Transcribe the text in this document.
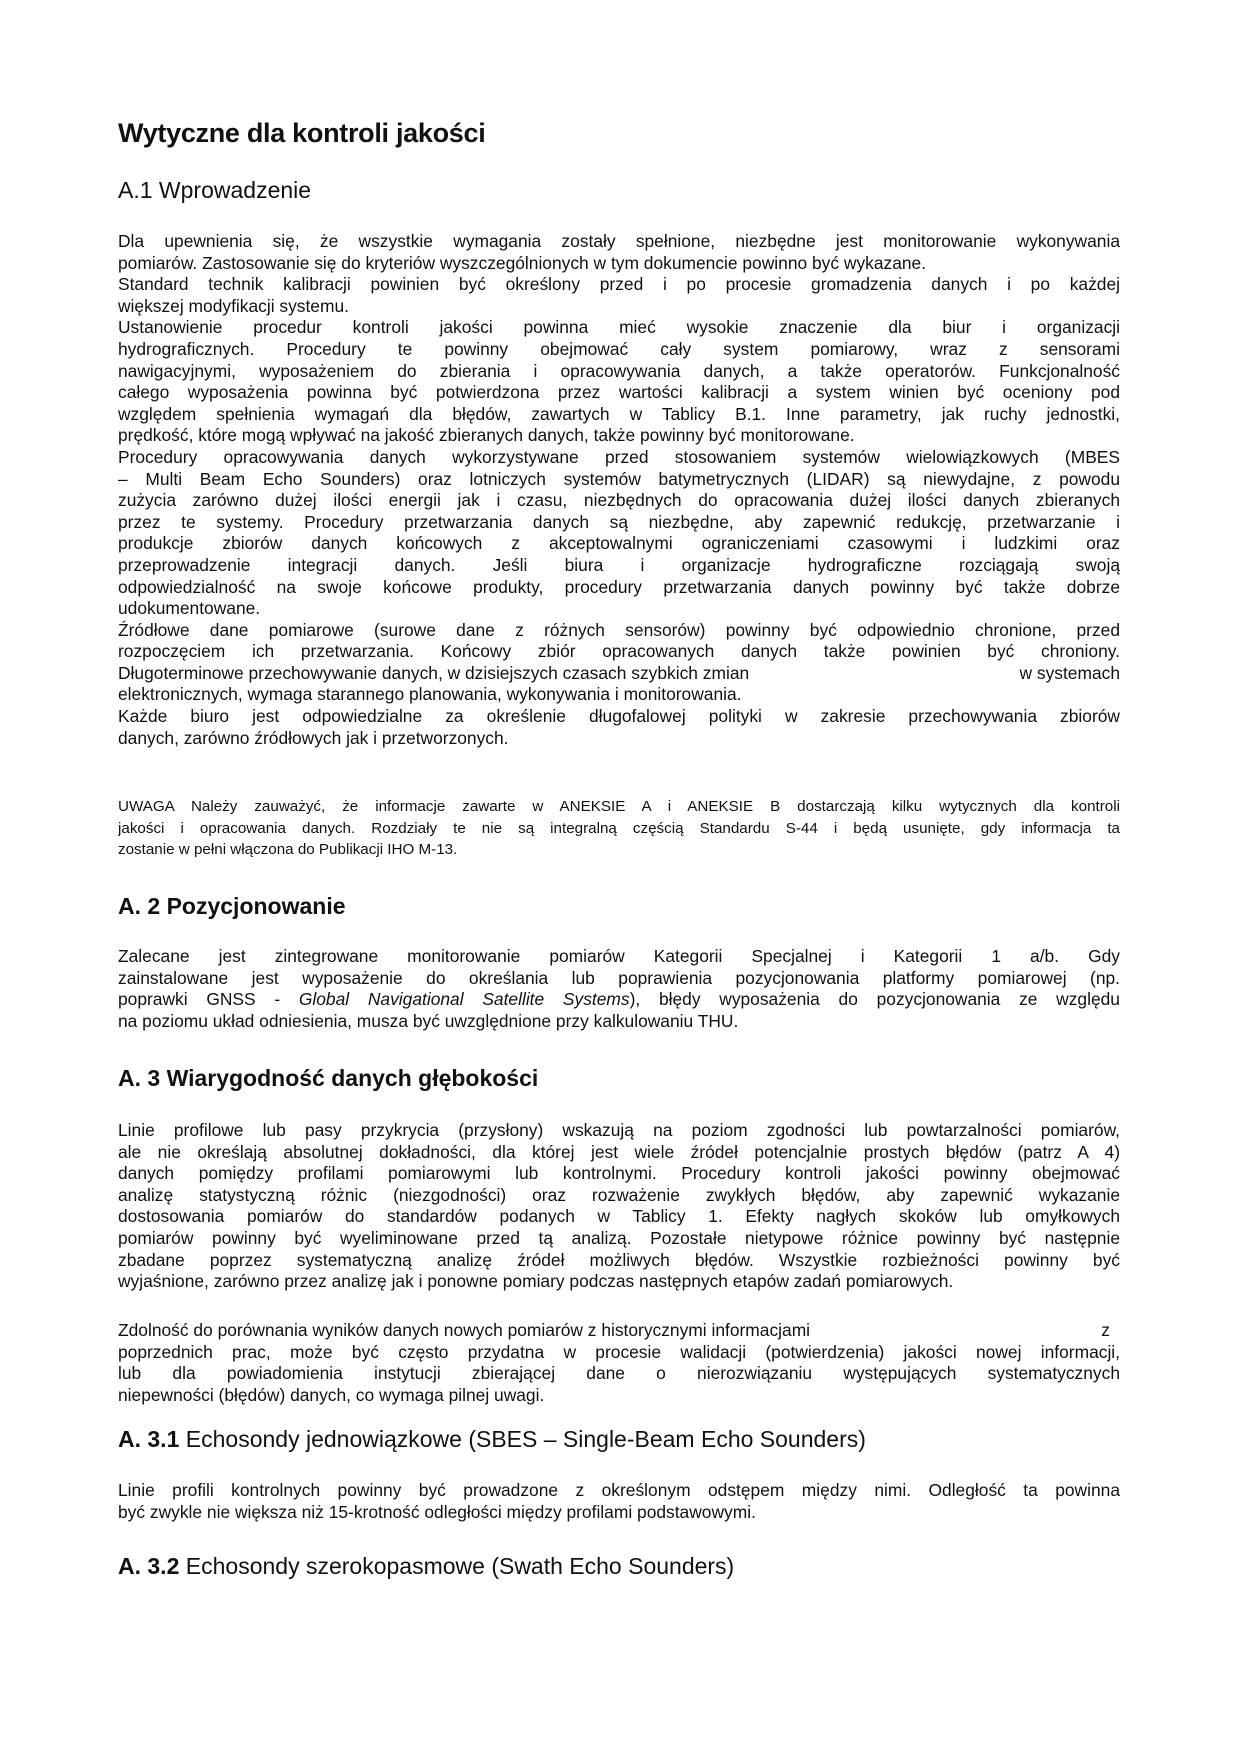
Wytyczne dla kontroli jakości
A.1 Wprowadzenie
Dla upewnienia się, że wszystkie wymagania zostały spełnione, niezbędne jest monitorowanie wykonywania
pomiarów. Zastosowanie się do kryteriów wyszczególnionych w tym dokumencie powinno być wykazane.
Standard technik kalibracji powinien być określony przed i po procesie gromadzenia danych i po każdej
większej modyfikacji systemu.
Ustanowienie procedur kontroli jakości powinna mieć wysokie znaczenie dla biur i organizacji
hydrograficznych. Procedury te powinny obejmować cały system pomiarowy, wraz z sensorami
nawigacyjnymi, wyposażeniem do zbierania i opracowywania danych, a także operatorów. Funkcjonalność
całego wyposażenia powinna być potwierdzona przez wartości kalibracji a system winien być oceniony pod
względem spełnienia wymagań dla błędów, zawartych w Tablicy B.1. Inne parametry, jak ruchy jednostki,
prędkość, które mogą wpływać na jakość zbieranych danych, także powinny być monitorowane.
Procedury opracowywania danych wykorzystywane przed stosowaniem systemów wielowiązkowych (MBES
– Multi Beam Echo Sounders) oraz lotniczych systemów batymetrycznych (LIDAR) są niewydajne, z powodu
zużycia zarówno dużej ilości energii jak i czasu, niezbędnych do opracowania dużej ilości danych zbieranych
przez te systemy. Procedury przetwarzania danych są niezbędne, aby zapewnić redukcję, przetwarzanie i
produkcje zbiorów danych końcowych z akceptowalnymi ograniczeniami czasowymi i ludzkimi oraz
przeprowadzenie integracji danych. Jeśli biura i organizacje hydrograficzne rozciągają swoją
odpowiedzialność na swoje końcowe produkty, procedury przetwarzania danych powinny być także dobrze
udokumentowane.
Źródłowe dane pomiarowe (surowe dane z różnych sensorów) powinny być odpowiednio chronione, przed
rozpoczęciem ich przetwarzania. Końcowy zbiór opracowanych danych także powinien być chroniony.
Długoterminowe przechowywanie danych, w dzisiejszych czasach szybkich zmian	w systemach
elektronicznych, wymaga starannego planowania, wykonywania i monitorowania.
Każde biuro jest odpowiedzialne za określenie długofalowej polityki w zakresie przechowywania zbiorów
danych, zarówno źródłowych jak i przetworzonych.
UWAGA Należy zauważyć, że informacje zawarte w ANEKSIE A i ANEKSIE B dostarczają kilku wytycznych dla kontroli
jakości i opracowania danych. Rozdziały te nie są integralną częścią Standardu S-44 i będą usunięte, gdy informacja ta
zostanie w pełni włączona do Publikacji IHO M-13.
A. 2 Pozycjonowanie
Zalecane jest zintegrowane monitorowanie pomiarów Kategorii Specjalnej i Kategorii 1 a/b. Gdy
zainstalowane jest wyposażenie do określania lub poprawienia pozycjonowania platformy pomiarowej (np.
poprawki GNSS - Global Navigational Satellite Systems), błędy wyposażenia do pozycjonowania ze względu
na poziomu układ odniesienia, musza być uwzględnione przy kalkulowaniu THU.
A. 3 Wiarygodność danych głębokości
Linie profilowe lub pasy przykrycia (przysłony) wskazują na poziom zgodności lub powtarzalności pomiarów,
ale nie określają absolutnej dokładności, dla której jest wiele źródeł potencjalnie prostych błędów (patrz A 4)
danych pomiędzy profilami pomiarowymi lub kontrolnymi. Procedury kontroli jakości powinny obejmować
analizę statystyczną różnic (niezgodności) oraz rozważenie zwykłych błędów, aby zapewnić wykazanie
dostosowania pomiarów do standardów podanych w Tablicy 1. Efekty nagłych skoków lub omyłkowych
pomiarów powinny być wyeliminowane przed tą analizą. Pozostałe nietypowe różnice powinny być następnie
zbadane poprzez systematyczną analizę źródeł możliwych błędów. Wszystkie rozbieżności powinny być
wyjaśnione, zarówno przez analizę jak i ponowne pomiary podczas następnych etapów zadań pomiarowych.
Zdolność do porównania wyników danych nowych pomiarów z historycznymi informacjami	z
poprzednich prac, może być często przydatna w procesie walidacji (potwierdzenia) jakości nowej informacji,
lub dla powiadomienia instytucji zbierającej dane o nierozwiązaniu występujących systematycznych
niepewności (błędów) danych, co wymaga pilnej uwagi.
A. 3.1 Echosondy jednowiązkowe (SBES – Single-Beam Echo Sounders)
Linie profili kontrolnych powinny być prowadzone z określonym odstępem między nimi. Odległość ta powinna
być zwykle nie większa niż 15-krotność odległości między profilami podstawowymi.
A. 3.2 Echosondy szerokopasmowe (Swath Echo Sounders)
